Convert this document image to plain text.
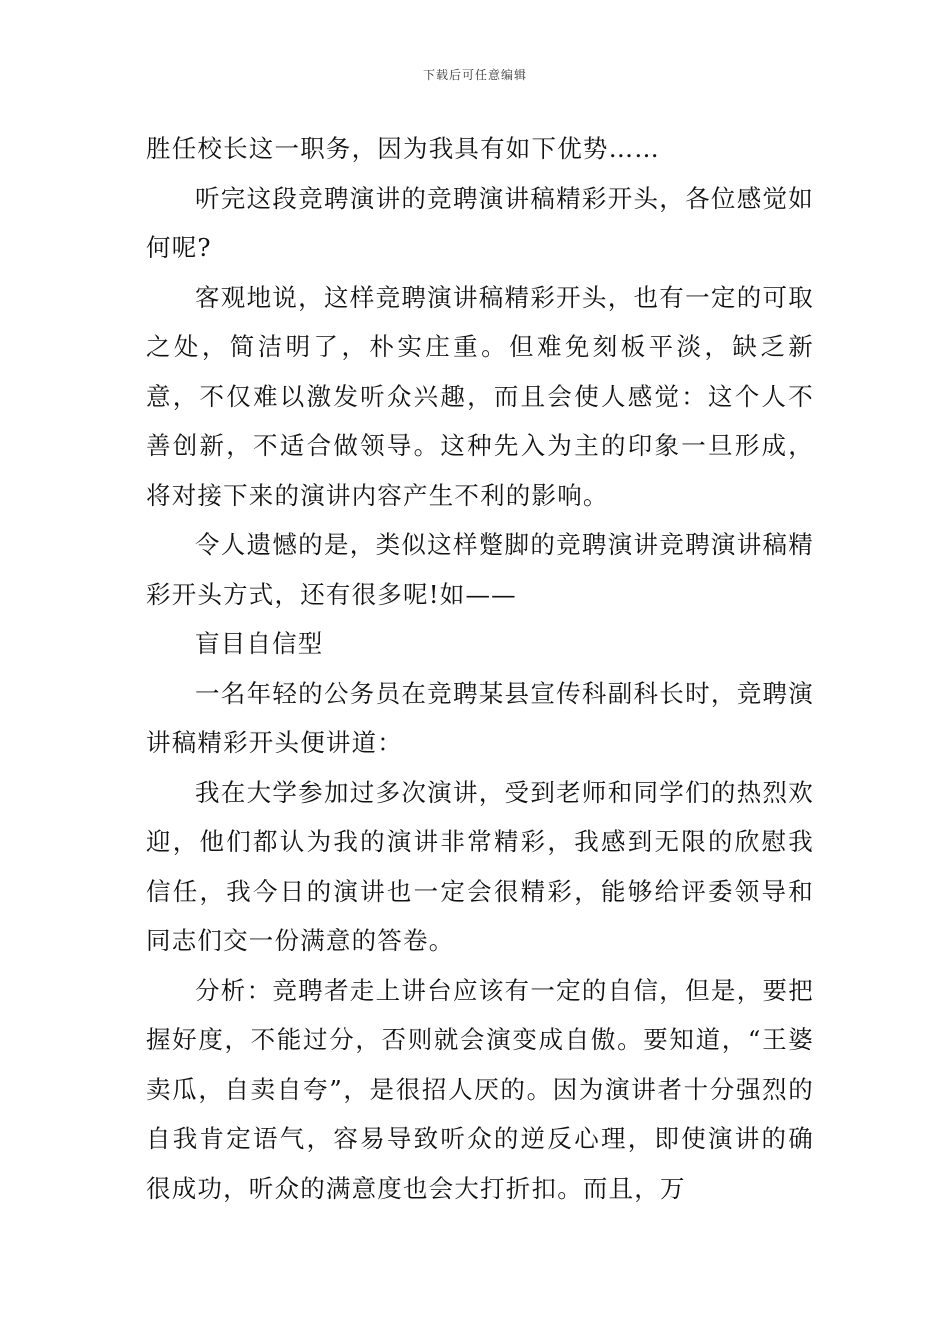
下载后可任意编辑

胜任校长这一职务，因为我具有如下优势……

听完这段竞聘演讲的竞聘演讲稿精彩开头，各位感觉如何呢?

客观地说，这样竞聘演讲稿精彩开头，也有一定的可取之处，简洁明了，朴实庄重。但难免刻板平淡，缺乏新意，不仅难以激发听众兴趣，而且会使人感觉：这个人不善创新，不适合做领导。这种先入为主的印象一旦形成，将对接下来的演讲内容产生不利的影响。

令人遗憾的是，类似这样蹩脚的竞聘演讲竞聘演讲稿精彩开头方式，还有很多呢!如——

盲目自信型

一名年轻的公务员在竞聘某县宣传科副科长时，竞聘演讲稿精彩开头便讲道：

我在大学参加过多次演讲，受到老师和同学们的热烈欢迎，他们都认为我的演讲非常精彩，我感到无限的欣慰我信任，我今日的演讲也一定会很精彩，能够给评委领导和同志们交一份满意的答卷。

分析：竞聘者走上讲台应该有一定的自信，但是，要把握好度，不能过分，否则就会演变成自傲。要知道，“王婆卖瓜，自卖自夸”，是很招人厌的。因为演讲者十分强烈的自我肯定语气，容易导致听众的逆反心理，即使演讲的确很成功，听众的满意度也会大打折扣。而且，万
